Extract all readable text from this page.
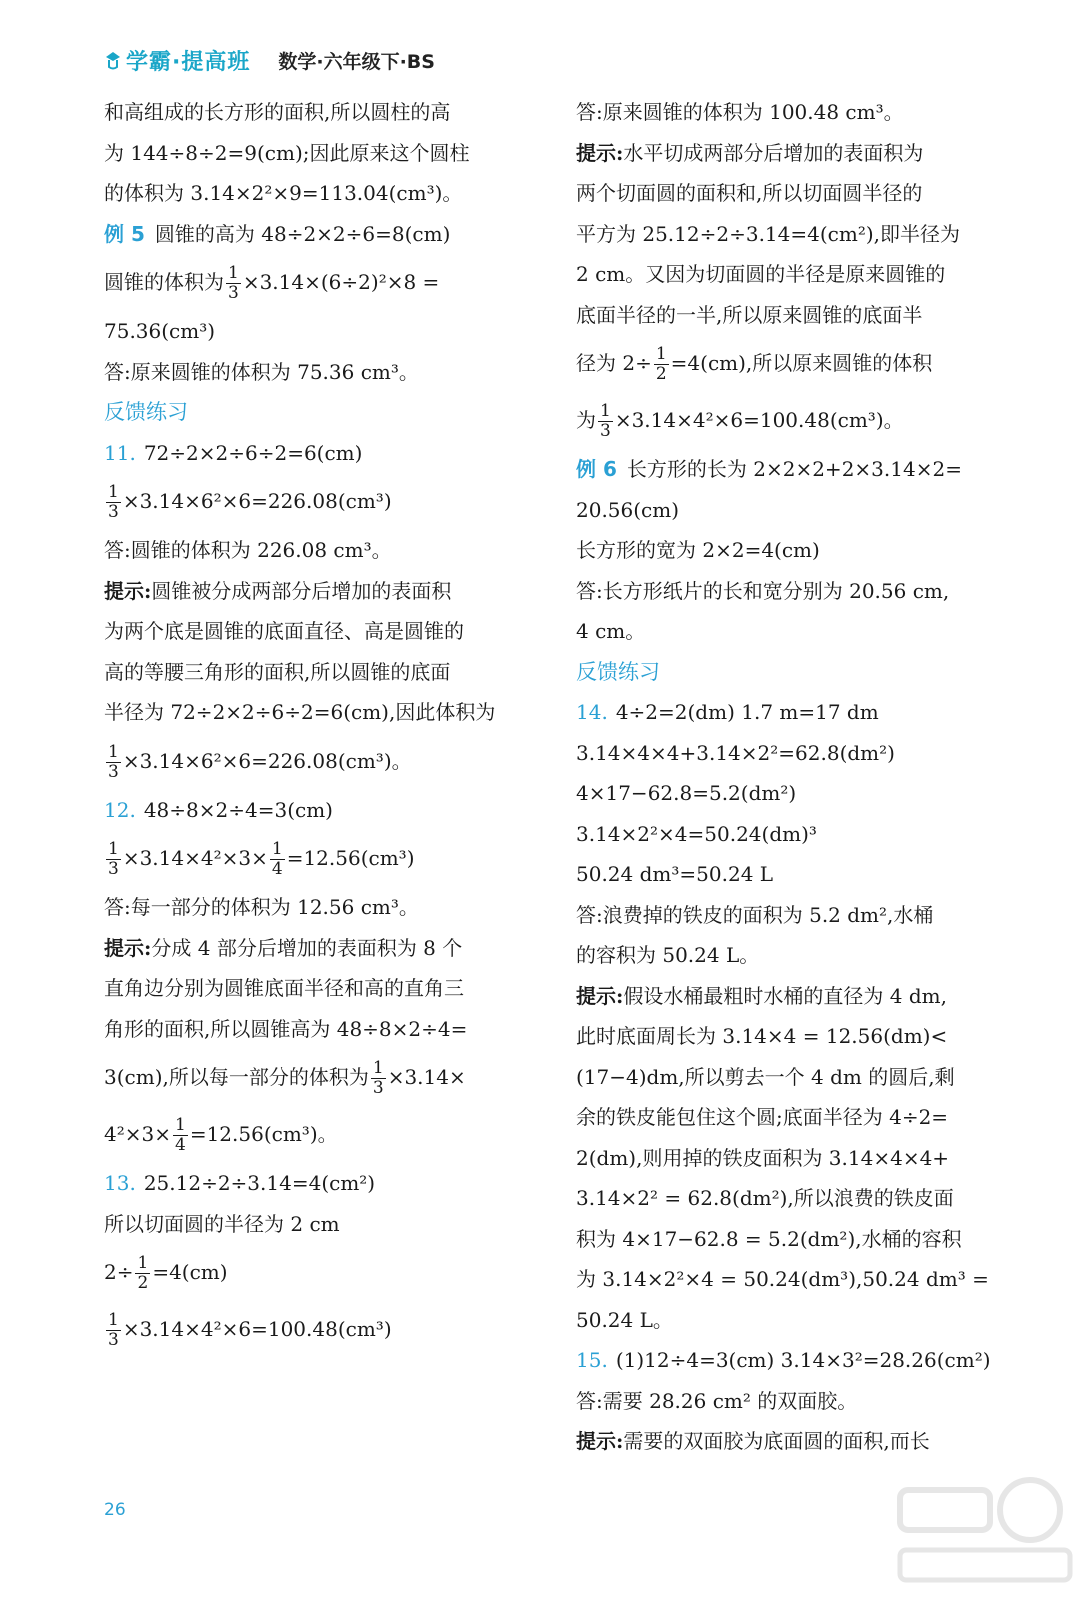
学霸·提高班 数学·六年级下·BS
和高组成的长方形的面积,所以圆柱的高
为 144÷8÷2=9(cm);因此原来这个圆柱
的体积为 3.14×2²×9=113.04(cm³)。
例 5 圆锥的高为 48÷2×2÷6=8(cm)
圆锥的体积为 $\frac{1}{3} \times 3.14\times(6\div 2)^2\times 8$ =
75.36(cm³)
答:原来圆锥的体积为 75.36 cm³。
反馈练习
11. 72÷2×2÷6÷2=6(cm)
$\frac{1}{3} \times 3.14\times 6^2\times 6=226.08(cm^3)$
答:圆锥的体积为 226.08 cm³。
提示:圆锥被分成两部分后增加的表面积
为两个底是圆锥的底面直径、高是圆锥的
高的等腰三角形的面积,所以圆锥的底面
半径为 72÷2×2÷6÷2=6(cm),因此体积为
$\frac{1}{3} \times 3.14\times 6^2\times 6=226.08(cm^3)$。
12. 48÷8×2÷4=3(cm)
$\frac{1}{3} \times 3.14\times 4^2\times 3\times \frac{1}{4} =12.56(cm^3)$
答:每一部分的体积为 12.56 cm³。
提示:分成 4 部分后增加的表面积为 8 个
直角边分别为圆锥底面半径和高的直角三
角形的面积,所以圆锥高为 48÷8×2÷4=
3(cm),所以每一部分的体积为 $\frac{1}{3} \times 3.14\times$
$4^2\times 3\times \frac{1}{4} =12.56(cm^3)$。
13. 25.12÷2÷3.14=4(cm²)
所以切面圆的半径为 2 cm
$2\div \frac{1}{2} =4(cm)$
$\frac{1}{3} \times 3.14\times 4^2\times 6=100.48(cm^3)$
答:原来圆锥的体积为 100.48 cm³。
提示:水平切成两部分后增加的表面积为
两个切面圆的面积和,所以切面圆半径的
平方为 25.12÷2÷3.14=4(cm²),即半径为
2 cm。又因为切面圆的半径是原来圆锥的
底面半径的一半,所以原来圆锥的底面半
径为 $2\div \frac{1}{2} =4(cm)$,所以原来圆锥的体积
为 $\frac{1}{3} \times 3.14\times 4^2\times 6=100.48(cm^3)$。
例 6 长方形的长为 2×2×2+2×3.14×2=
20.56(cm)
长方形的宽为 2×2=4(cm)
答:长方形纸片的长和宽分别为 20.56 cm,
4 cm。
反馈练习
14. 4÷2=2(dm) 1.7 m=17 dm
3.14×4×4+3.14×2²=62.8(dm²)
4×17−62.8=5.2(dm²)
3.14×2²×4=50.24(dm)³
50.24 dm³=50.24 L
答:浪费掉的铁皮的面积为 5.2 dm²,水桶
的容积为 50.24 L。
提示:假设水桶最粗时水桶的直径为 4 dm,
此时底面周长为 3.14×4 = 12.56(dm)<
(17−4)dm,所以剪去一个 4 dm 的圆后,剩
余的铁皮能包住这个圆;底面半径为 4÷2=
2(dm),则用掉的铁皮面积为 3.14×4×4+
3.14×2² = 62.8(dm²),所以浪费的铁皮面
积为 4×17−62.8 = 5.2(dm²),水桶的容积
为 3.14×2²×4 = 50.24(dm³),50.24 dm³ =
50.24 L。
15. (1)12÷4=3(cm) 3.14×3²=28.26(cm²)
答:需要 28.26 cm² 的双面胶。
提示:需要的双面胶为底面圆的面积,而长
26
